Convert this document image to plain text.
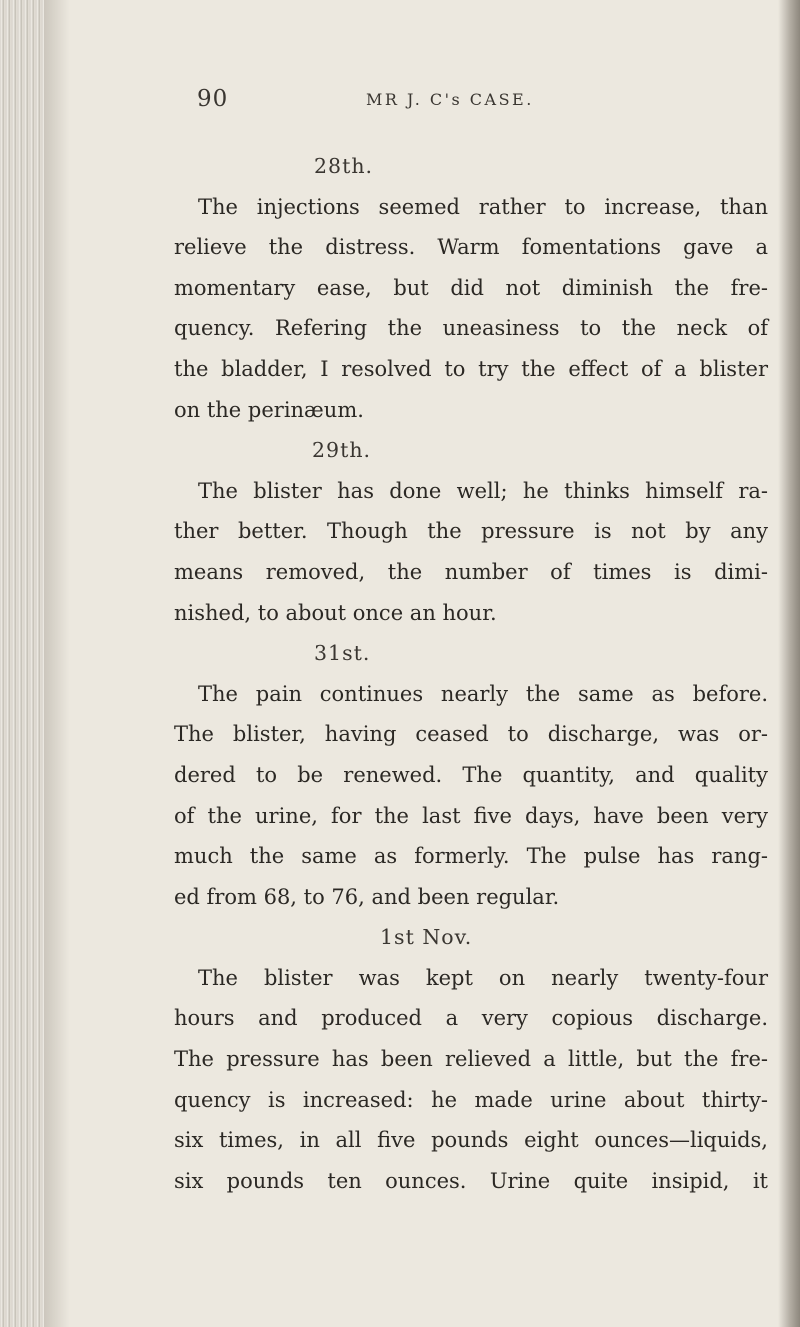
90	MR J. C's CASE.
28th.
The injections seemed rather to increase, than
relieve the distress. Warm fomentations gave a
momentary ease, but did not diminish the fre-
quency. Refering the uneasiness to the neck of
the bladder, I resolved to try the effect of a blister
on the perinæum.
29th.
The blister has done well; he thinks himself ra-
ther better. Though the pressure is not by any
means removed, the number of times is dimi-
nished, to about once an hour.
31st.
The pain continues nearly the same as before.
The blister, having ceased to discharge, was or-
dered to be renewed. The quantity, and quality
of the urine, for the last five days, have been very
much the same as formerly. The pulse has rang-
ed from 68, to 76, and been regular.
1st Nov.
The blister was kept on nearly twenty-four
hours and produced a very copious discharge.
The pressure has been relieved a little, but the fre-
quency is increased: he made urine about thirty-
six times, in all five pounds eight ounces—liquids,
six pounds ten ounces. Urine quite insipid, it
